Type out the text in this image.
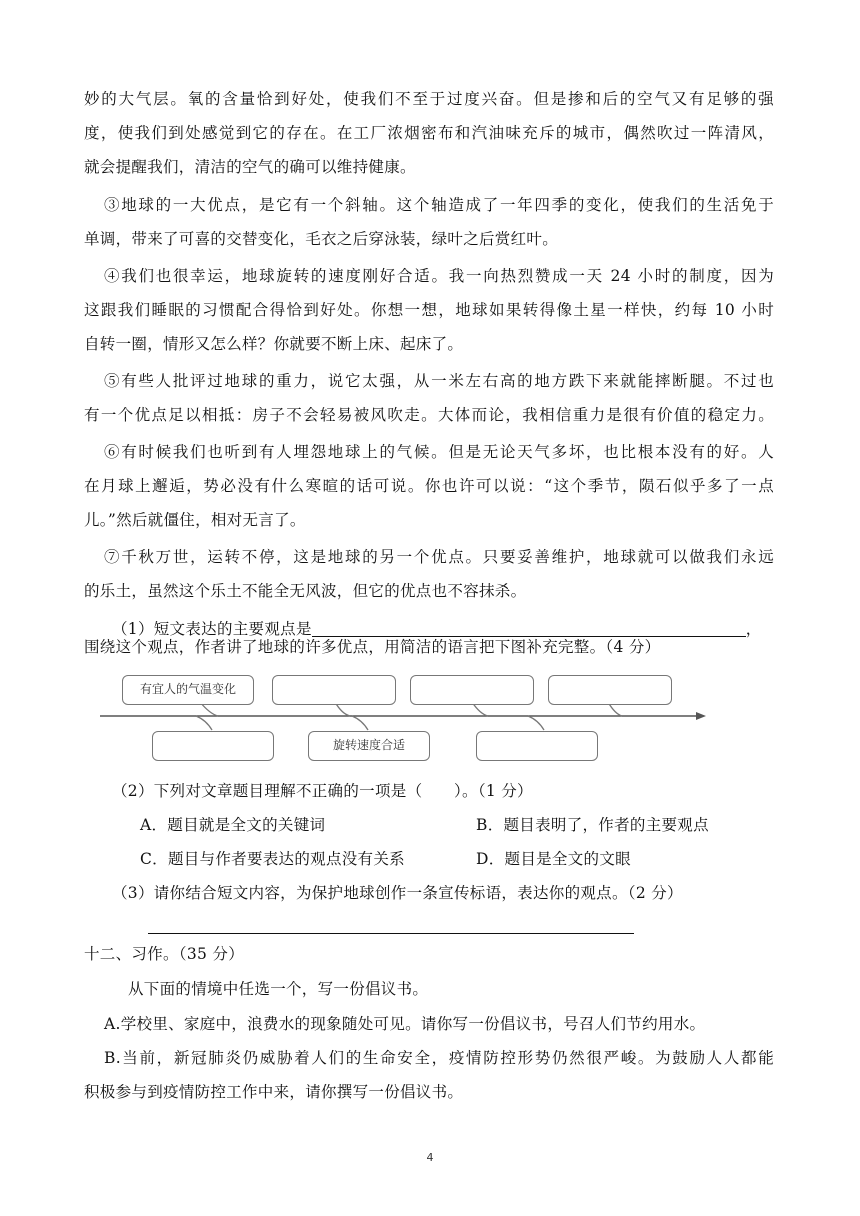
妙的大气层。氧的含量恰到好处，使我们不至于过度兴奋。但是掺和后的空气又有足够的强
度，使我们到处感觉到它的存在。在工厂浓烟密布和汽油味充斥的城市，偶然吹过一阵清风，
就会提醒我们，清洁的空气的确可以维持健康。
③地球的一大优点，是它有一个斜轴。这个轴造成了一年四季的变化，使我们的生活免于
单调，带来了可喜的交替变化，毛衣之后穿泳装，绿叶之后赏红叶。
④我们也很幸运，地球旋转的速度刚好合适。我一向热烈赞成一天 24 小时的制度，因为
这跟我们睡眠的习惯配合得恰到好处。你想一想，地球如果转得像土星一样快，约每 10 小时
自转一圈，情形又怎么样？你就要不断上床、起床了。
⑤有些人批评过地球的重力，说它太强，从一米左右高的地方跌下来就能摔断腿。不过也
有一个优点足以相抵：房子不会轻易被风吹走。大体而论，我相信重力是很有价值的稳定力。
⑥有时候我们也听到有人埋怨地球上的气候。但是无论天气多坏，也比根本没有的好。人
在月球上邂逅，势必没有什么寒暄的话可说。你也许可以说：“这个季节，陨石似乎多了一点
儿。”然后就僵住，相对无言了。
⑦千秋万世，运转不停，这是地球的另一个优点。只要妥善维护，地球就可以做我们永远
的乐土，虽然这个乐土不能全无风波，但它的优点也不容抹杀。
（1）短文表达的主要观点是	，
围绕这个观点，作者讲了地球的许多优点，用简洁的语言把下图补充完整。（4 分）
有宜人的气温变化
旋转速度合适
（2）下列对文章题目理解不正确的一项是（　　）。（1 分）
A．题目就是全文的关键词	B．题目表明了，作者的主要观点
C．题目与作者要表达的观点没有关系	D．题目是全文的文眼
（3）请你结合短文内容，为保护地球创作一条宣传标语，表达你的观点。（2 分）
十二、习作。（35 分）
从下面的情境中任选一个，写一份倡议书。
A.学校里、家庭中，浪费水的现象随处可见。请你写一份倡议书，号召人们节约用水。
B.当前，新冠肺炎仍威胁着人们的生命安全，疫情防控形势仍然很严峻。为鼓励人人都能
积极参与到疫情防控工作中来，请你撰写一份倡议书。
4
